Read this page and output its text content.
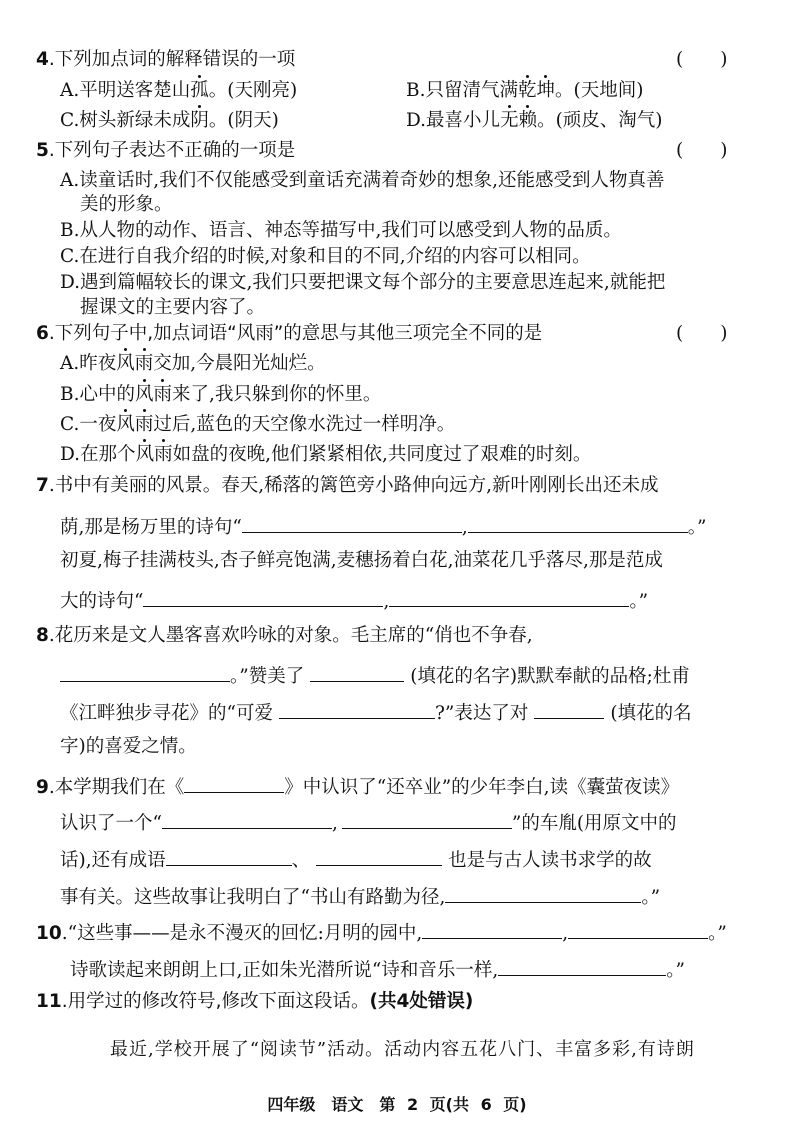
4.下列加点词的解释错误的一项	(　　)
A.平明送客楚山孤。(天刚亮)	B.只留清气满乾坤。(天地间)
C.树头新绿未成阴。(阴天)	D.最喜小儿无赖。(顽皮、淘气)
5.下列句子表达不正确的一项是	(　　)
A.读童话时,我们不仅能感受到童话充满着奇妙的想象,还能感受到人物真善
美的形象。
B.从人物的动作、语言、神态等描写中,我们可以感受到人物的品质。
C.在进行自我介绍的时候,对象和目的不同,介绍的内容可以相同。
D.遇到篇幅较长的课文,我们只要把课文每个部分的主要意思连起来,就能把
握课文的主要内容了。
6.下列句子中,加点词语“风雨”的意思与其他三项完全不同的是	(　　)
A.昨夜风雨交加,今晨阳光灿烂。
B.心中的风雨来了,我只躲到你的怀里。
C.一夜风雨过后,蓝色的天空像水洗过一样明净。
D.在那个风雨如盘的夜晚,他们紧紧相依,共同度过了艰难的时刻。
7.书中有美丽的风景。春天,稀落的篱笆旁小路伸向远方,新叶刚刚长出还未成
荫,那是杨万里的诗句“	,	。”
初夏,梅子挂满枝头,杏子鲜亮饱满,麦穗扬着白花,油菜花几乎落尽,那是范成
大的诗句“	,	。”
8.花历来是文人墨客喜欢吟咏的对象。毛主席的“俏也不争春,
。”赞美了	(填花的名字)默默奉献的品格;杜甫
《江畔独步寻花》的“可爱	?”表达了对	(填花的名
字)的喜爱之情。
9.本学期我们在《	》中认识了“还卒业”的少年李白,读《囊萤夜读》
认识了一个“	,	”的车胤(用原文中的
话),还有成语	、	也是与古人读书求学的故
事有关。这些故事让我明白了“书山有路勤为径,	。”
10.“这些事——是永不漫灭的回忆:月明的园中,	,	。”
诗歌读起来朗朗上口,正如朱光潜所说“诗和音乐一样,	。”
11.用学过的修改符号,修改下面这段话。(共4处错误)
最近,学校开展了“阅读节”活动。活动内容五花八门、丰富多彩,有诗朗
四年级　语文　第 2 页(共 6 页)
